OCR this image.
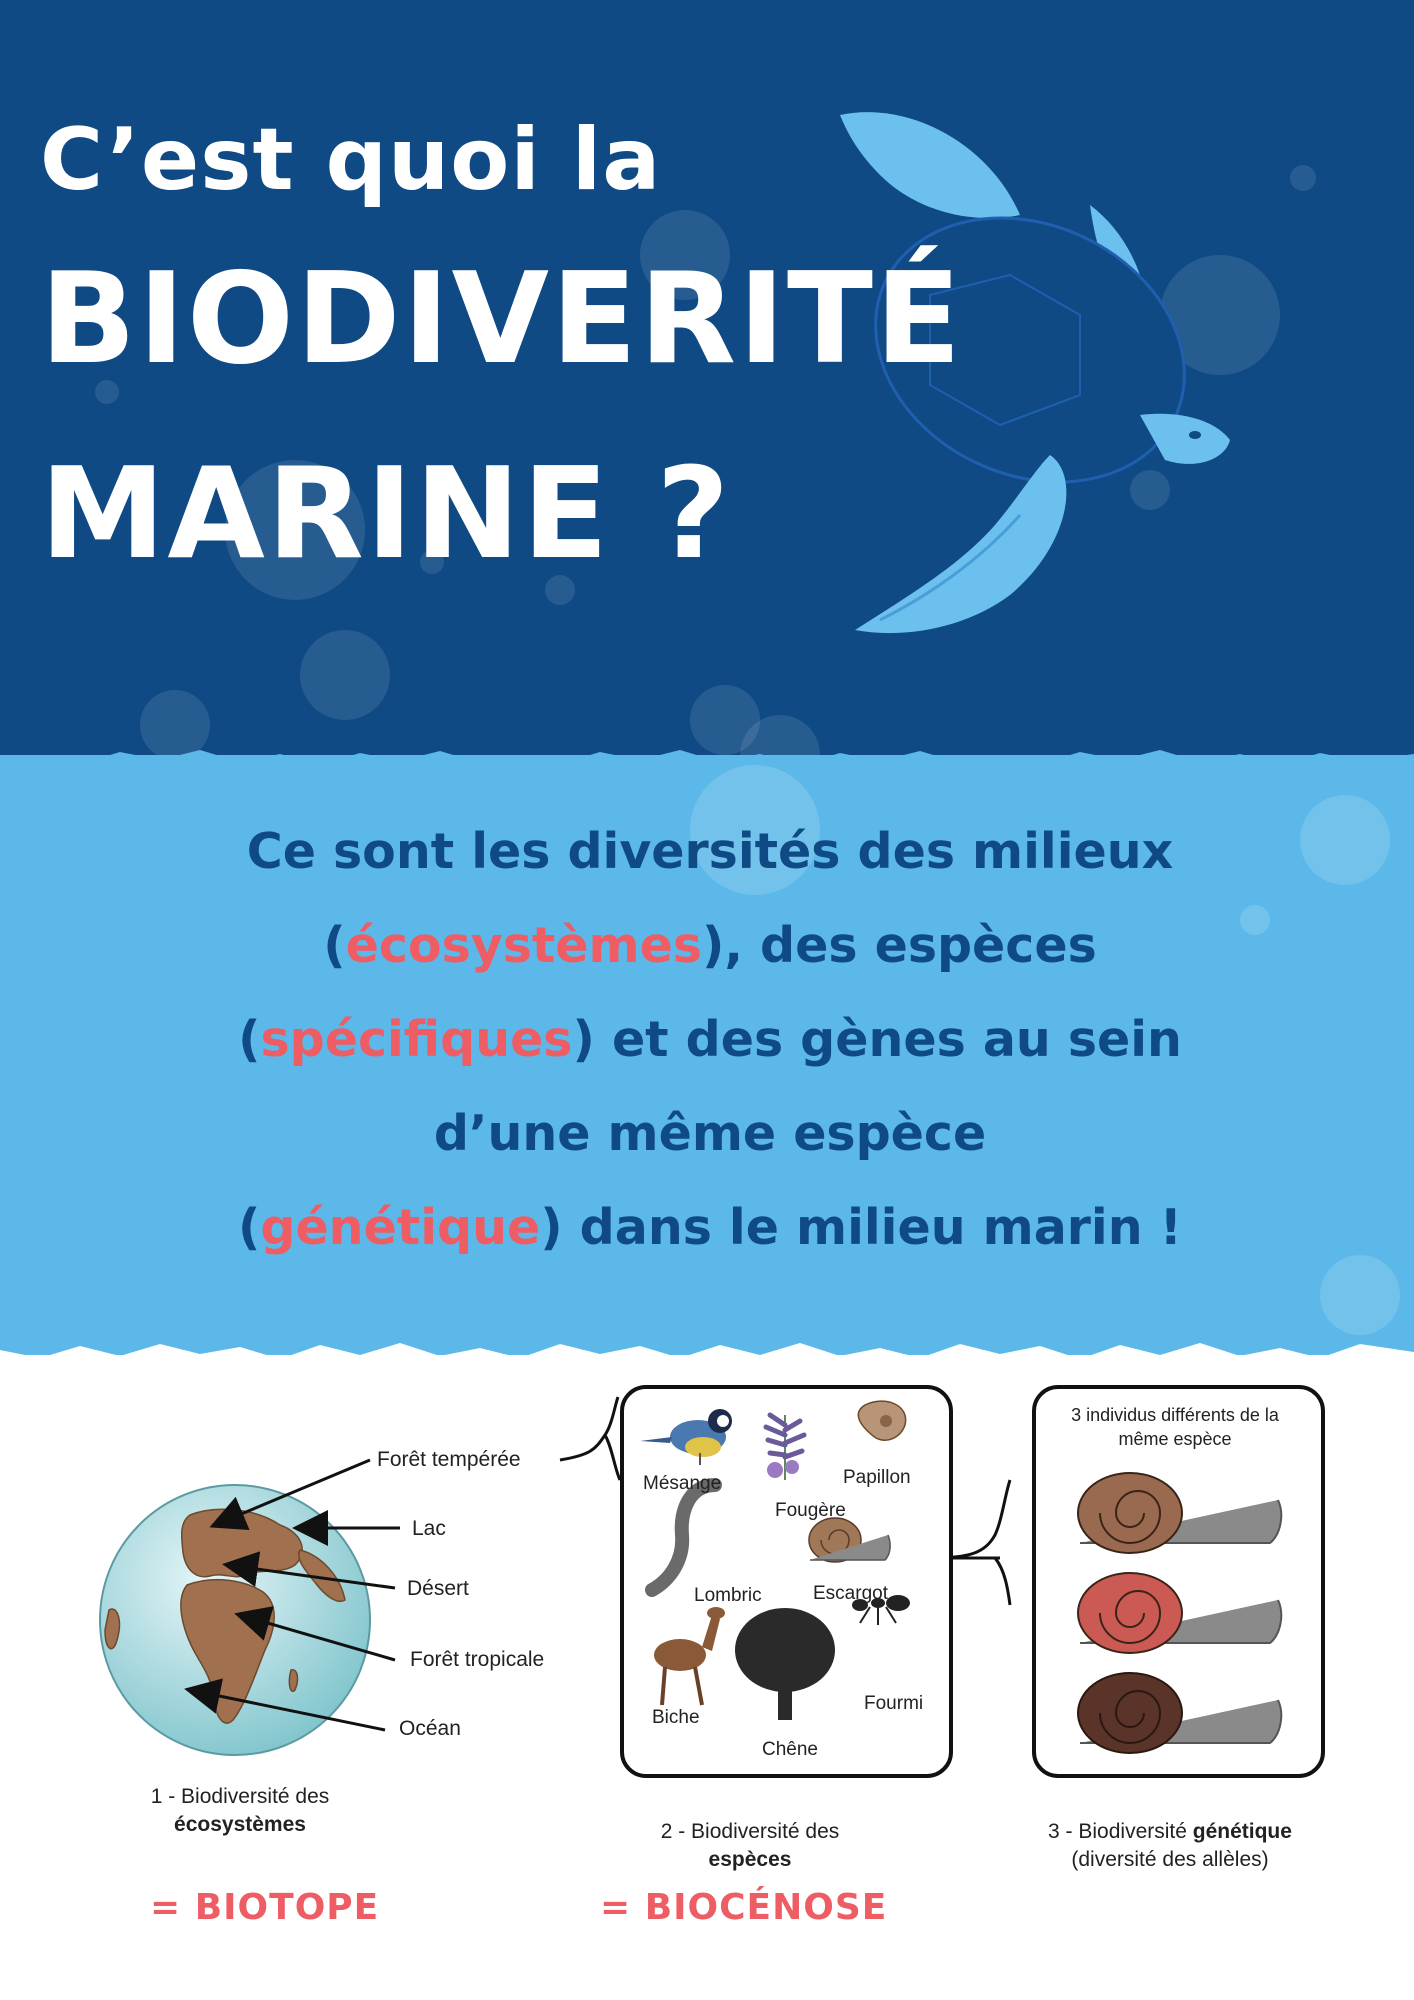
C’est quoi la
BIODIVERITÉ
MARINE ?
Ce sont les diversités des milieux
(écosystèmes), des espèces
(spécifiques) et des gènes au sein
d’une même espèce
(génétique) dans le milieu marin !
Forêt tempérée
Lac
Désert
Forêt tropicale
Océan
Mésange	Papillon
Fougère
Lombric	Escargot
Biche
Fourmi
Chêne
3 individus différents de la même espèce
1 - Biodiversité des
écosystèmes	2 - Biodiversité des
espèces
3 - Biodiversité génétique
(diversité des allèles)
= BIOTOPE	= BIOCÉNOSE
